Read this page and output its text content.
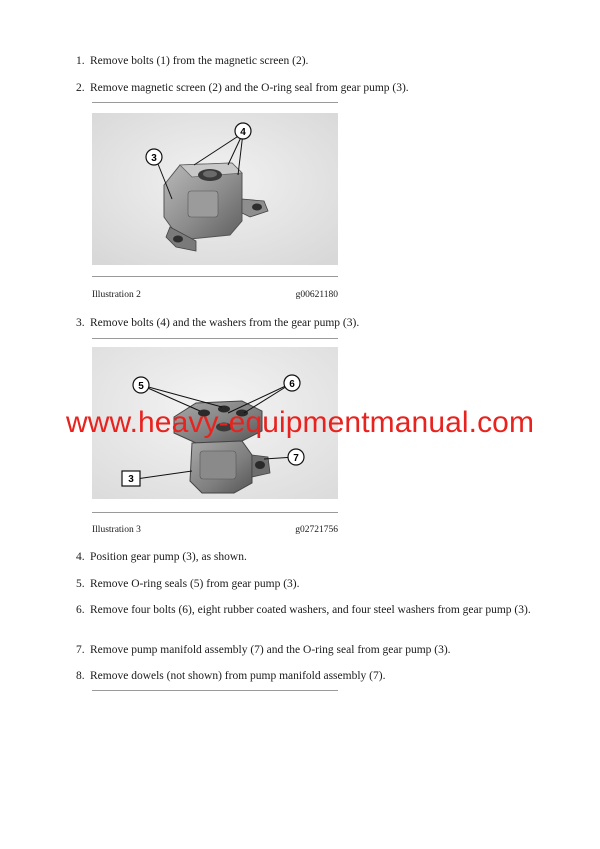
1. Remove bolts (1) from the magnetic screen (2).
2. Remove magnetic screen (2) and the O-ring seal from gear pump (3).
4
3
Illustration 2	g00621180
3. Remove bolts (4) and the washers from the gear pump (3).
5	6
7
3
Illustration 3	g02721756
4. Position gear pump (3), as shown.
5. Remove O-ring seals (5) from gear pump (3).
6. Remove four bolts (6), eight rubber coated washers, and four steel washers from gear pump (3).
7. Remove pump manifold assembly (7) and the O-ring seal from gear pump (3).
8. Remove dowels (not shown) from pump manifold assembly (7).
www.heavy-equipmentmanual.com
